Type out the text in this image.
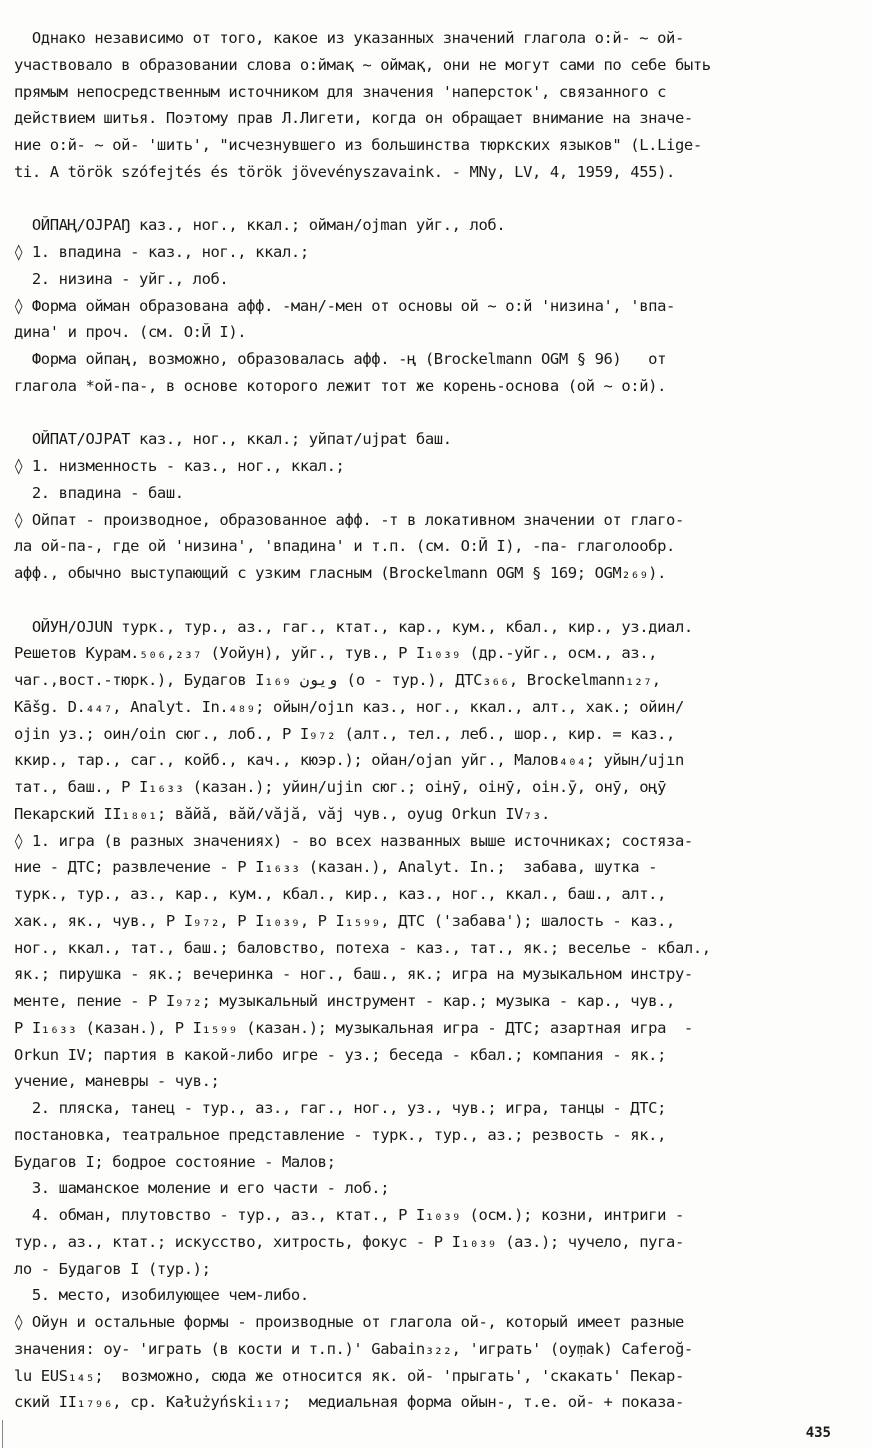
Однако независимо от того, какое из указанных значений глагола о:й- ~ ой-
участвовало в образовании слова о:ймақ ~ оймақ, они не могут сами по себе быть
прямым непосредственным источником для значения 'наперсток', связанного с
действием шитья. Поэтому прав Л.Лигети, когда он обращает внимание на значе-
ние о:й- ~ ой- 'шить', "исчезнувшего из большинства тюркских языков" (L.Lige-
ti. A török szófejtés és török jövevényszavaink. - MNy, LV, 4, 1959, 455).
ОЙПАҢ/OJPAŊ каз., ног., ккал.; ойман/ojman уйг., лоб.
◊ 1. впадина - каз., ног., ккал.;
2. низина - уйг., лоб.
◊ Форма ойман образована афф. -ман/-мен от основы ой ~ о:й 'низина', 'впа-
дина' и проч. (см. О:Й I).
Форма ойпаң, возможно, образовалась афф. -ң (Brockelmann OGM § 96)   от
глагола *ой-па-, в основе которого лежит тот же корень-основа (ой ~ о:й).
ОЙПАТ/OJPAT каз., ног., ккал.; уйпат/ujpat баш.
◊ 1. низменность - каз., ног., ккал.;
2. впадина - баш.
◊ Ойпат - производное, образованное афф. -т в локативном значении от глаго-
ла ой-па-, где ой 'низина', 'впадина' и т.п. (см. О:Й I), -па- глаголообр.
афф., обычно выступающий с узким гласным (Brockelmann OGM § 169; OGM₂₆₉).
ОЙУН/OJUN турк., тур., аз., гаг., ктат., кар., кум., кбал., кир., уз.диал.
Решетов Курам.₅₀₆,₂₃₇ (Уойун), уйг., тув., Р I₁₀₃₉ (др.-уйг., осм., аз.,
чаг.,вост.-тюрк.), Будагов I₁₆₉ ويون (о - тур.), ДТС₃₆₆, Brockelmann₁₂₇,
Kāšg. D.₄₄₇, Analyt. In.₄₈₉; ойын/ojın каз., ног., ккал., алт., хак.; ойин/
ojin уз.; оин/oin сюг., лоб., Р I₉₇₂ (алт., тел., леб., шор., кир. = каз.,
ккир., тар., саг., койб., кач., кюэр.); ойан/ojan уйг., Малов₄₀₄; уйын/ujın
тат., баш., Р I₁₆₃₃ (казан.); уйин/ujin сюг.; оінӯ, оінӯ, оін.ȳ, онӯ, оңӯ
Пекарский II₁₈₀₁; вӑйӑ, вӑй/vӑjӑ, vӑj чув., oyug Orkun IV₇₃.
◊ 1. игра (в разных значениях) - во всех названных выше источниках; состяза-
ние - ДТС; развлечение - Р I₁₆₃₃ (казан.), Analyt. In.;  забава, шутка -
турк., тур., аз., кар., кум., кбал., кир., каз., ног., ккал., баш., алт.,
хак., як., чув., Р I₉₇₂, Р I₁₀₃₉, Р I₁₅₉₉, ДТС ('забава'); шалость - каз.,
ног., ккал., тат., баш.; баловство, потеха - каз., тат., як.; веселье - кбал.,
як.; пирушка - як.; вечеринка - ног., баш., як.; игра на музыкальном инстру-
менте, пение - Р I₉₇₂; музыкальный инструмент - кар.; музыка - кар., чув.,
Р I₁₆₃₃ (казан.), Р I₁₅₉₉ (казан.); музыкальная игра - ДТС; азартная игра  -
Orkun IV; партия в какой-либо игре - уз.; беседа - кбал.; компания - як.;
учение, маневры - чув.;
2. пляска, танец - тур., аз., гаг., ног., уз., чув.; игра, танцы - ДТС;
постановка, театральное представление - турк., тур., аз.; резвость - як.,
Будагов I; бодрое состояние - Малов;
3. шаманское моление и его части - лоб.;
4. обман, плутовство - тур., аз., ктат., Р I₁₀₃₉ (осм.); козни, интриги -
тур., аз., ктат.; искусство, хитрость, фокус - Р I₁₀₃₉ (аз.); чучело, пуга-
ло - Будагов I (тур.);
5. место, изобилующее чем-либо.
◊ Ойун и остальные формы - производные от глагола ой-, который имеет разные
значения: oy- 'играть (в кости и т.п.)' Gabain₃₂₂, 'играть' (oyṃak) Caferoğ-
lu EUS₁₄₅;  возможно, сюда же относится як. ой- 'прыгать', 'скакать' Пекар-
ский II₁₇₉₆, ср. Kałużyński₁₁₇;  медиальная форма ойын-, т.е. ой- + показа-
435
